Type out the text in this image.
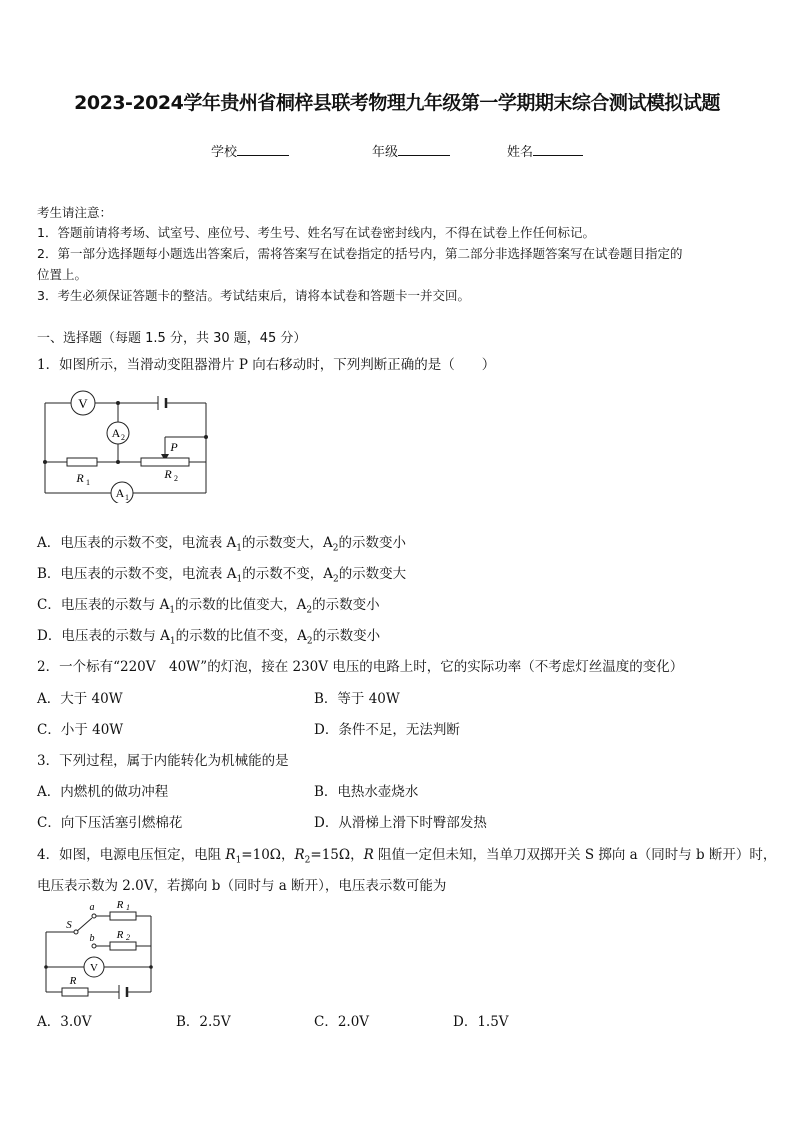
2023-2024学年贵州省桐梓县联考物理九年级第一学期期末综合测试模拟试题
学校	年级	姓名
考生请注意：
1．答题前请将考场、试室号、座位号、考生号、姓名写在试卷密封线内，不得在试卷上作任何标记。
2．第一部分选择题每小题选出答案后，需将答案写在试卷指定的括号内，第二部分非选择题答案写在试卷题目指定的
位置上。
3．考生必须保证答题卡的整洁。考试结束后，请将本试卷和答题卡一并交回。
一、选择题（每题 1.5 分，共 30 题，45 分）
1．如图所示，当滑动变阻器滑片 P 向右移动时，下列判断正确的是（　　）
V
A 2
R 1
R 2
P
A 1
A．电压表的示数不变，电流表 $A_1$的示数变大，$A_2$的示数变小
B．电压表的示数不变，电流表 $A_1$的示数不变，$A_2$的示数变大
C．电压表的示数与 $A_1$的示数的比值变大，$A_2$的示数变小
D．电压表的示数与 $A_1$的示数的比值不变，$A_2$的示数变小
2．一个标有“220V　40W”的灯泡，接在 230V 电压的电路上时，它的实际功率（不考虑灯丝温度的变化）
A．大于 40W	B．等于 40W
C．小于 40W	D．条件不足，无法判断
3．下列过程，属于内能转化为机械能的是
A．内燃机的做功冲程	B．电热水壶烧水
C．向下压活塞引燃棉花	D．从滑梯上滑下时臀部发热
4．如图，电源电压恒定，电阻 $R_1=10\Omega$，$R_2=15\Omega$，R 阻值一定但未知，当单刀双掷开关 S 掷向 a（同时与 b 断开）时，
电压表示数为 2.0V，若掷向 b（同时与 a 断开），电压表示数可能为
R 1
R 2
S
a
b
V
R
A．3.0V	B．2.5V	C．2.0V	D．1.5V
